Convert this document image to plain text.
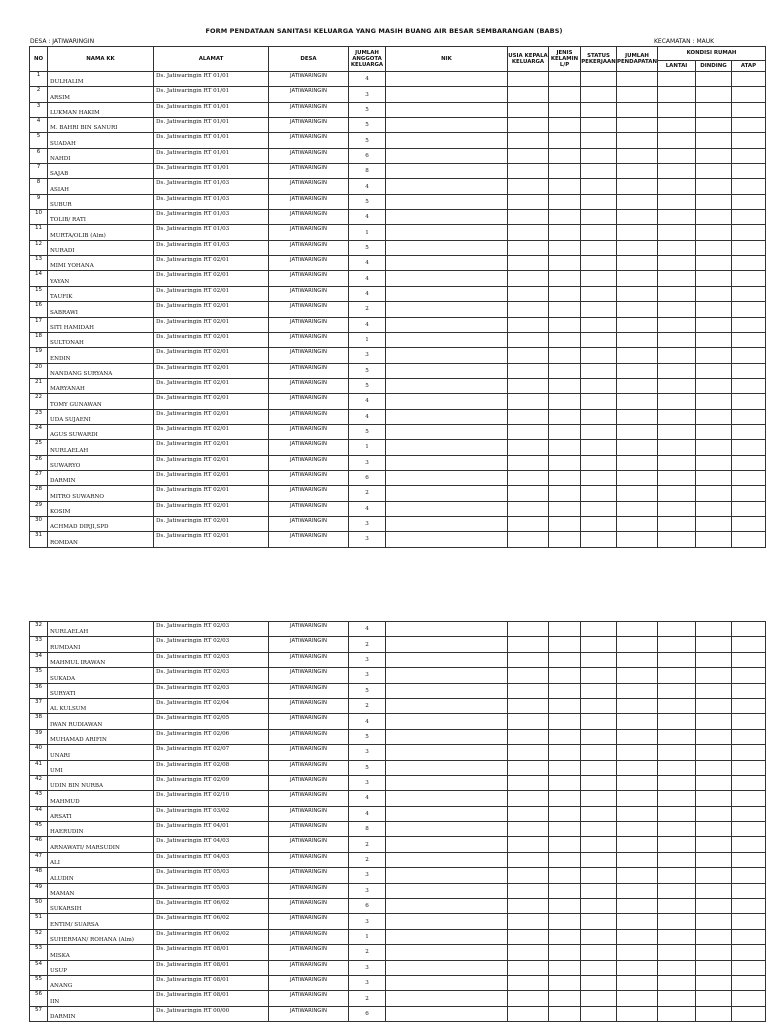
FORM PENDATAAN SANITASI KELUARGA YANG MASIH BUANG AIR BESAR SEMBARANGAN (BABS)
DESA : JATIWARINGIN	KECAMATAN : MAUK
NO	NAMA KK	ALAMAT	DESA	JUMLAH ANGGOTA KELUARGA	NIK	USIA KEPALA KELUARGA	JENIS KELAMIN L/P	STATUS PEKERJAAN	JUMLAH PENDAPATAN	KONDISI RUMAH		
										LANTAI	DINDING	ATAP
1	DULHALIM	Ds. Jatiwaringin RT 01/01	JATIWARINGIN	4								
2	ARSIM	Ds. Jatiwaringin RT 01/01	JATIWARINGIN	3								
3	LUKMAN HAKIM	Ds. Jatiwaringin RT 01/01	JATIWARINGIN	5								
4	M. BAHRI BIN SANURI	Ds. Jatiwaringin RT 01/01	JATIWARINGIN	5								
5	SUADAH	Ds. Jatiwaringin RT 01/01	JATIWARINGIN	5								
6	NAHDI	Ds. Jatiwaringin RT 01/01	JATIWARINGIN	6								
7	SAJAB	Ds. Jatiwaringin RT 01/01	JATIWARINGIN	8								
8	ASIAH	Ds. Jatiwaringin RT 01/03	JATIWARINGIN	4								
9	SUBUR	Ds. Jatiwaringin RT 01/03	JATIWARINGIN	5								
10	TOLIB/ RATI	Ds. Jatiwaringin RT 01/03	JATIWARINGIN	4								
11	MURTA/OLIB (Alm)	Ds. Jatiwaringin RT 01/03	JATIWARINGIN	1								
12	NURADI	Ds. Jatiwaringin RT 01/03	JATIWARINGIN	5								
13	MIMI YOHANA	Ds. Jatiwaringin RT 02/01	JATIWARINGIN	4								
14	YAYAN	Ds. Jatiwaringin RT 02/01	JATIWARINGIN	4								
15	TAUFIK	Ds. Jatiwaringin RT 02/01	JATIWARINGIN	4								
16	SABRAWI	Ds. Jatiwaringin RT 02/01	JATIWARINGIN	2								
17	SITI HAMIDAH	Ds. Jatiwaringin RT 02/01	JATIWARINGIN	4								
18	SULTONAH	Ds. Jatiwaringin RT 02/01	JATIWARINGIN	1								
19	ENDIN	Ds. Jatiwaringin RT 02/01	JATIWARINGIN	3								
20	NANDANG SURYANA	Ds. Jatiwaringin RT 02/01	JATIWARINGIN	5								
21	MARYANAH	Ds. Jatiwaringin RT 02/01	JATIWARINGIN	5								
22	TOMY GUNAWAN	Ds. Jatiwaringin RT 02/01	JATIWARINGIN	4								
23	UDA SUJAENI	Ds. Jatiwaringin RT 02/01	JATIWARINGIN	4								
24	AGUS SUWARDI	Ds. Jatiwaringin RT 02/01	JATIWARINGIN	5								
25	NURLAELAH	Ds. Jatiwaringin RT 02/01	JATIWARINGIN	1								
26	SUWARYO	Ds. Jatiwaringin RT 02/01	JATIWARINGIN	3								
27	DARMIN	Ds. Jatiwaringin RT 02/01	JATIWARINGIN	6								
28	MITRO SUWARNO	Ds. Jatiwaringin RT 02/01	JATIWARINGIN	2								
29	KOSIM	Ds. Jatiwaringin RT 02/01	JATIWARINGIN	4								
30	ACHMAD DIRJI,SPD	Ds. Jatiwaringin RT 02/01	JATIWARINGIN	3								
31	ROMDAN	Ds. Jatiwaringin RT 02/01	JATIWARINGIN	3								
32	NURLAELAH	Ds. Jatiwaringin RT 02/03	JATIWARINGIN	4								
33	RUMDANI	Ds. Jatiwaringin RT 02/03	JATIWARINGIN	2								
34	MAHMUL IRAWAN	Ds. Jatiwaringin RT 02/03	JATIWARINGIN	3								
35	SUKADA	Ds. Jatiwaringin RT 02/03	JATIWARINGIN	3								
36	SURYATI	Ds. Jatiwaringin RT 02/03	JATIWARINGIN	5								
37	AL KULSUM	Ds. Jatiwaringin RT 02/04	JATIWARINGIN	2								
38	IWAN RUDIAWAN	Ds. Jatiwaringin RT 02/05	JATIWARINGIN	4								
39	MUHAMAD ARIFIN	Ds. Jatiwaringin RT 02/06	JATIWARINGIN	5								
40	UNARI	Ds. Jatiwaringin RT 02/07	JATIWARINGIN	3								
41	UMI	Ds. Jatiwaringin RT 02/08	JATIWARINGIN	5								
42	UDIN BIN NURBA	Ds. Jatiwaringin RT 02/09	JATIWARINGIN	3								
43	MAHMUD	Ds. Jatiwaringin RT 02/10	JATIWARINGIN	4								
44	ARSATI	Ds. Jatiwaringin RT 03/02	JATIWARINGIN	4								
45	HAERUDIN	Ds. Jatiwaringin RT 04/01	JATIWARINGIN	8								
46	ARNAWATI/ MARSUDIN	Ds. Jatiwaringin RT 04/03	JATIWARINGIN	2								
47	ALI	Ds. Jatiwaringin RT 04/03	JATIWARINGIN	2								
48	ALUDIN	Ds. Jatiwaringin RT 05/03	JATIWARINGIN	3								
49	MAMAN	Ds. Jatiwaringin RT 05/03	JATIWARINGIN	3								
50	SUKARSIH	Ds. Jatiwaringin RT 06/02	JATIWARINGIN	6								
51	ENTIM/ SUARSA	Ds. Jatiwaringin RT 06/02	JATIWARINGIN	3								
52	SUHERMAN/ ROHANA (Alm)	Ds. Jatiwaringin RT 06/02	JATIWARINGIN	1								
53	MISKA	Ds. Jatiwaringin RT 08/01	JATIWARINGIN	2								
54	USUP	Ds. Jatiwaringin RT 08/01	JATIWARINGIN	3								
55	ANANG	Ds. Jatiwaringin RT 08/01	JATIWARINGIN	3								
56	IIN	Ds. Jatiwaringin RT 08/01	JATIWARINGIN	2								
57	DARMIN	Ds. Jatiwaringin RT 00/00	JATIWARINGIN	6								
